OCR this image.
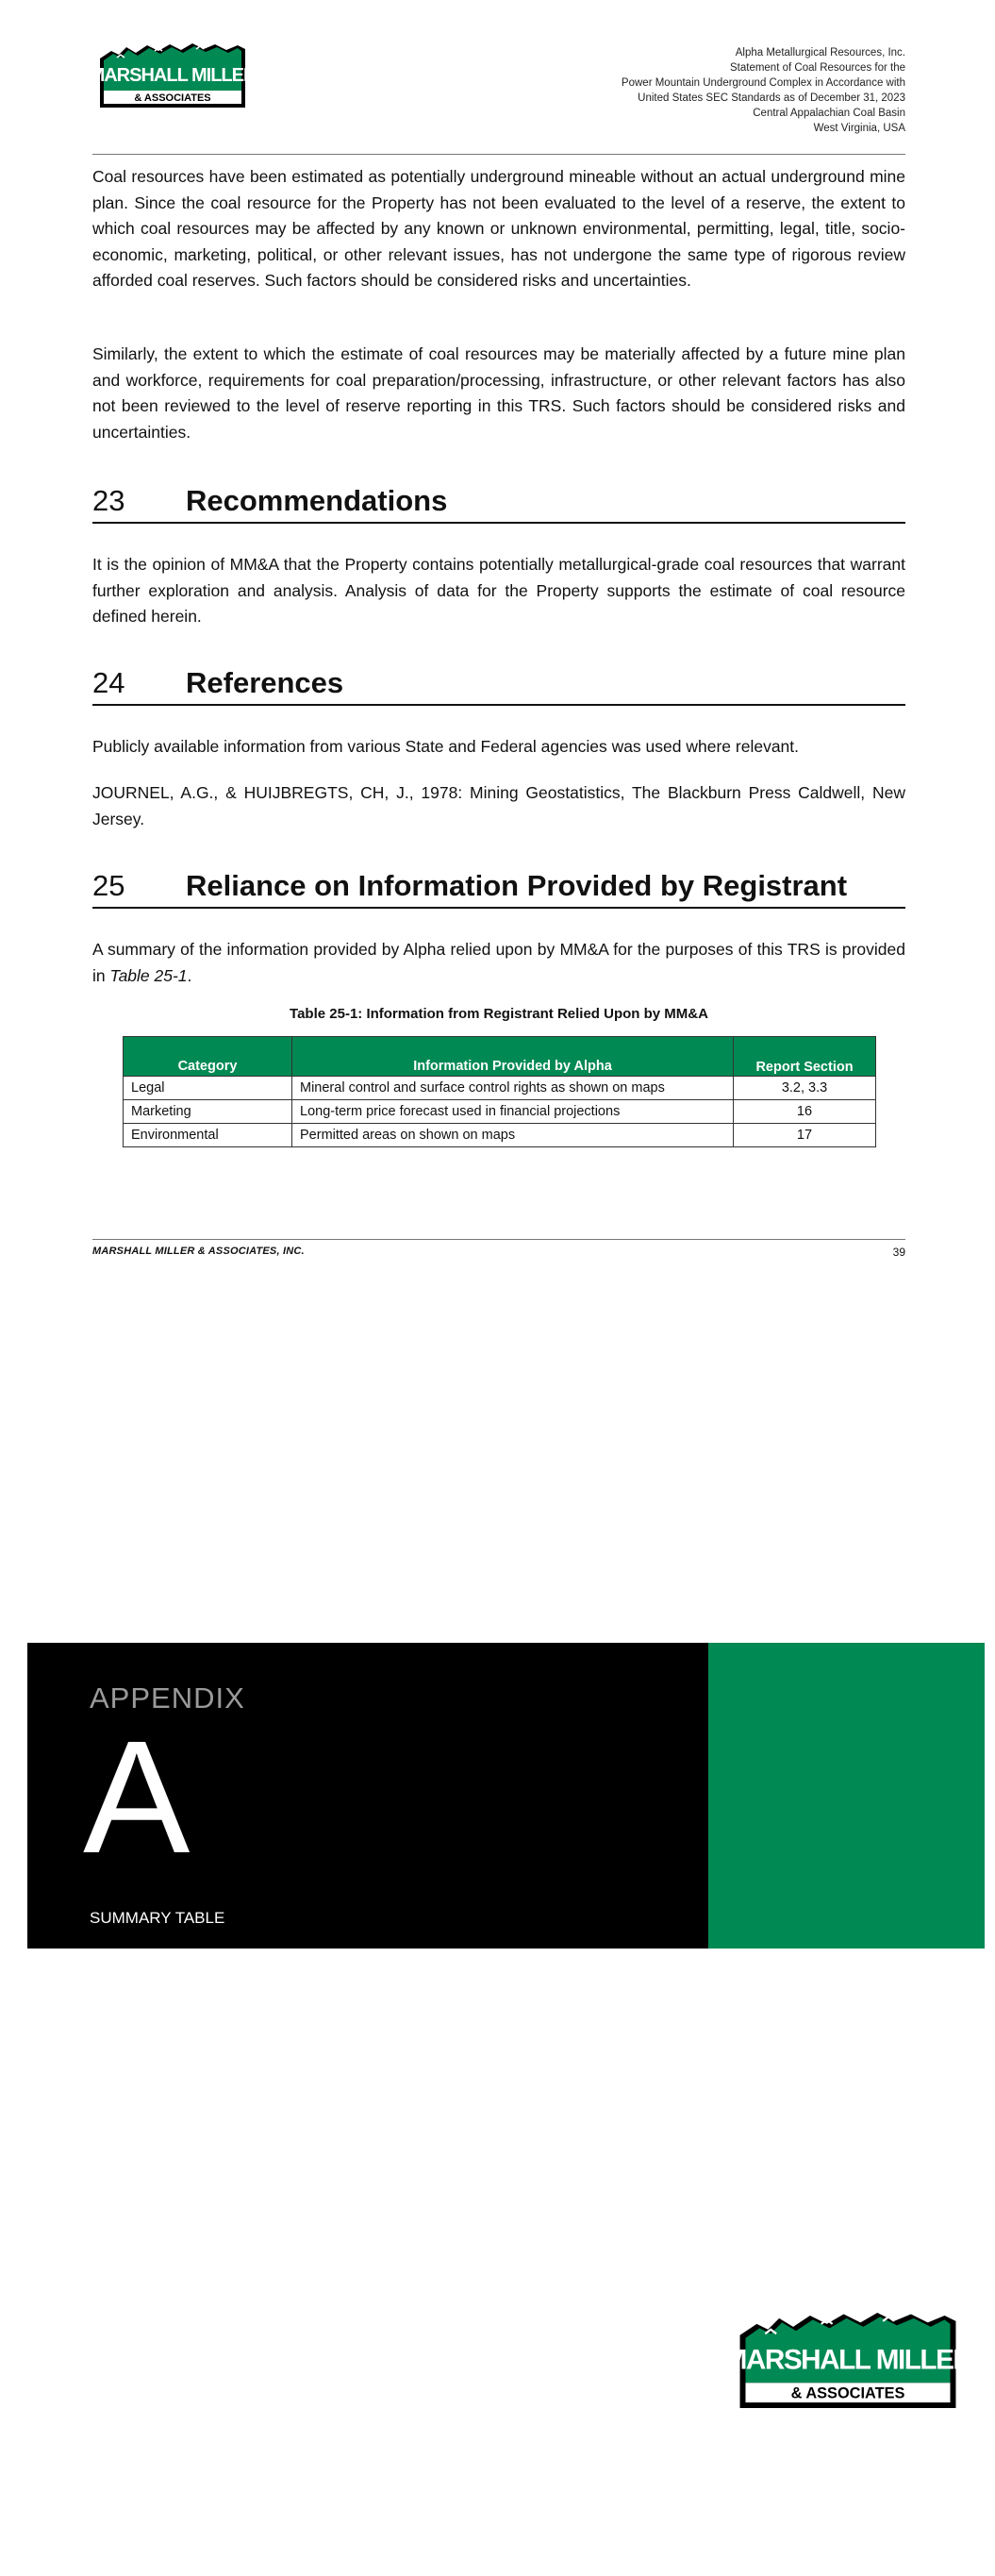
MARSHALL MILLER
& ASSOCIATES
Alpha Metallurgical Resources, Inc.
Statement of Coal Resources for the
Power Mountain Underground Complex in Accordance with
United States SEC Standards as of December 31, 2023
Central Appalachian Coal Basin
West Virginia, USA
Coal resources have been estimated as potentially underground mineable without an actual underground mine plan. Since the coal resource for the Property has not been evaluated to the level of a reserve, the extent to which coal resources may be affected by any known or unknown environmental, permitting, legal, title, socio-economic, marketing, political, or other relevant issues, has not undergone the same type of rigorous review afforded coal reserves. Such factors should be considered risks and uncertainties.
Similarly, the extent to which the estimate of coal resources may be materially affected by a future mine plan and workforce, requirements for coal preparation/processing, infrastructure, or other relevant factors has also not been reviewed to the level of reserve reporting in this TRS. Such factors should be considered risks and uncertainties.
23 Recommendations
It is the opinion of MM&A that the Property contains potentially metallurgical-grade coal resources that warrant further exploration and analysis. Analysis of data for the Property supports the estimate of coal resource defined herein.
24 References
Publicly available information from various State and Federal agencies was used where relevant.
JOURNEL, A.G., & HUIJBREGTS, CH, J., 1978: Mining Geostatistics, The Blackburn Press Caldwell, New Jersey.
25 Reliance on Information Provided by Registrant
A summary of the information provided by Alpha relied upon by MM&A for the purposes of this TRS is provided in Table 25-1.
Table 25-1: Information from Registrant Relied Upon by MM&A
Category	Information Provided by Alpha	Report Section
Legal	Mineral control and surface control rights as shown on maps	3.2, 3.3
Marketing	Long-term price forecast used in financial projections	16
Environmental	Permitted areas on shown on maps	17
MARSHALL MILLER & ASSOCIATES, INC.	39
APPENDIX
A
SUMMARY TABLE
MARSHALL MILLER
& ASSOCIATES
